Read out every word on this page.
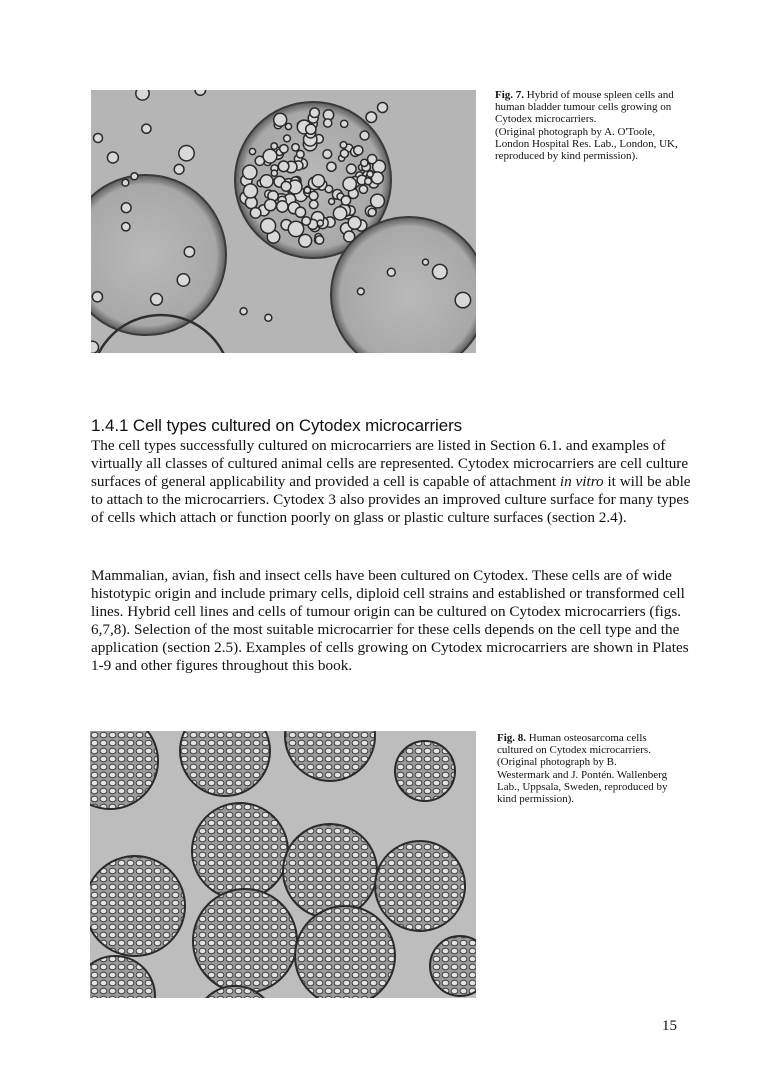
Fig. 7. Hybrid of mouse spleen cells and human bladder tumour cells growing on Cytodex microcarriers.
(Original photograph by A. O'Toole, London Hospital Res. Lab., London, UK, reproduced by kind permission).
1.4.1 Cell types cultured on Cytodex microcarriers

The cell types successfully cultured on microcarriers are listed in Section 6.1. and examples of virtually all classes of cultured animal cells are represented. Cytodex microcarriers are cell culture surfaces of general applicability and provided a cell is capable of attachment in vitro it will be able to attach to the microcarriers. Cytodex 3 also provides an improved culture surface for many types of cells which attach or function poorly on glass or plastic culture surfaces (section 2.4).

Mammalian, avian, fish and insect cells have been cultured on Cytodex. These cells are of wide histotypic origin and include primary cells, diploid cell strains and established or transformed cell lines. Hybrid cell lines and cells of tumour origin can be cultured on Cytodex microcarriers (figs. 6,7,8). Selection of the most suitable microcarrier for these cells depends on the cell type and the application (section 2.5). Examples of cells growing on Cytodex microcarriers are shown in Plates 1-9 and other figures throughout this book.

Fig. 8. Human osteosarcoma cells cultured on Cytodex microcarriers.
(Original photograph by B. Westermark and J. Pontén. Wallenberg Lab., Uppsala, Sweden, reproduced by kind permission).
15
